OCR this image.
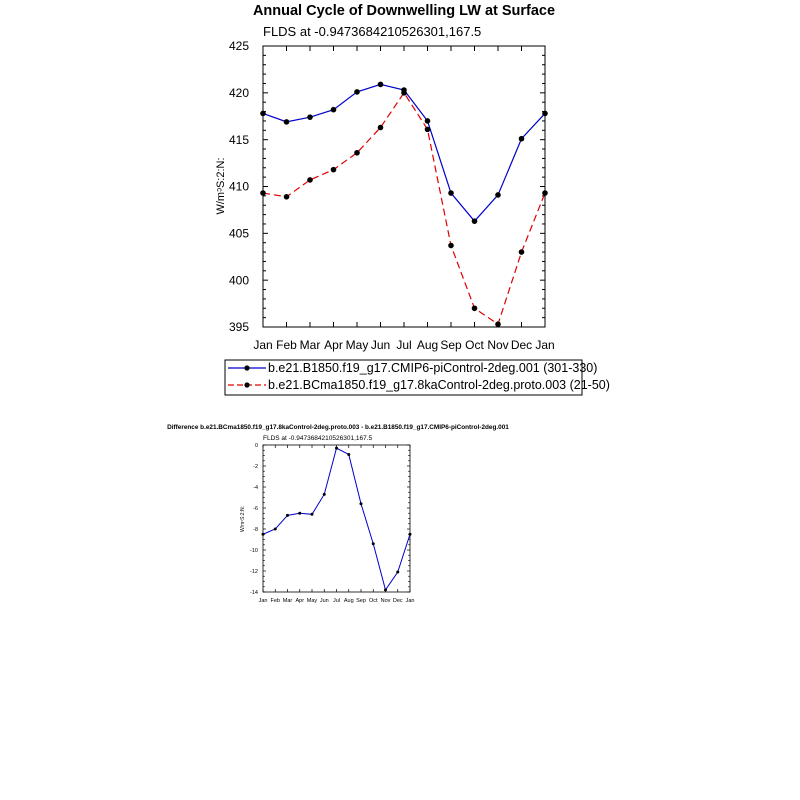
Annual Cycle of Downwelling LW at Surface
FLDS at -0.9473684210526301,167.5
W/mᵓS:2:N:
Jan Feb Mar Apr May Jun Jul Aug Sep Oct Nov Dec Jan
395
400
405
410
415
420
425
b.e21.B1850.f19_g17.CMIP6-piControl-2deg.001 (301-330)
b.e21.BCma1850.f19_g17.8kaControl-2deg.proto.003 (21-50)
Difference b.e21.BCma1850.f19_g17.8kaControl-2deg.proto.003 - b.e21.B1850.f19_g17.CMIP6-piControl-2deg.001
FLDS at -0.9473684210526301,167.5
W/mᵓS:2:N:
Jan Feb Mar Apr May Jun Jul Aug Sep Oct Nov Dec Jan
-14
-12
-10
-8
-6
-4
-2
0
